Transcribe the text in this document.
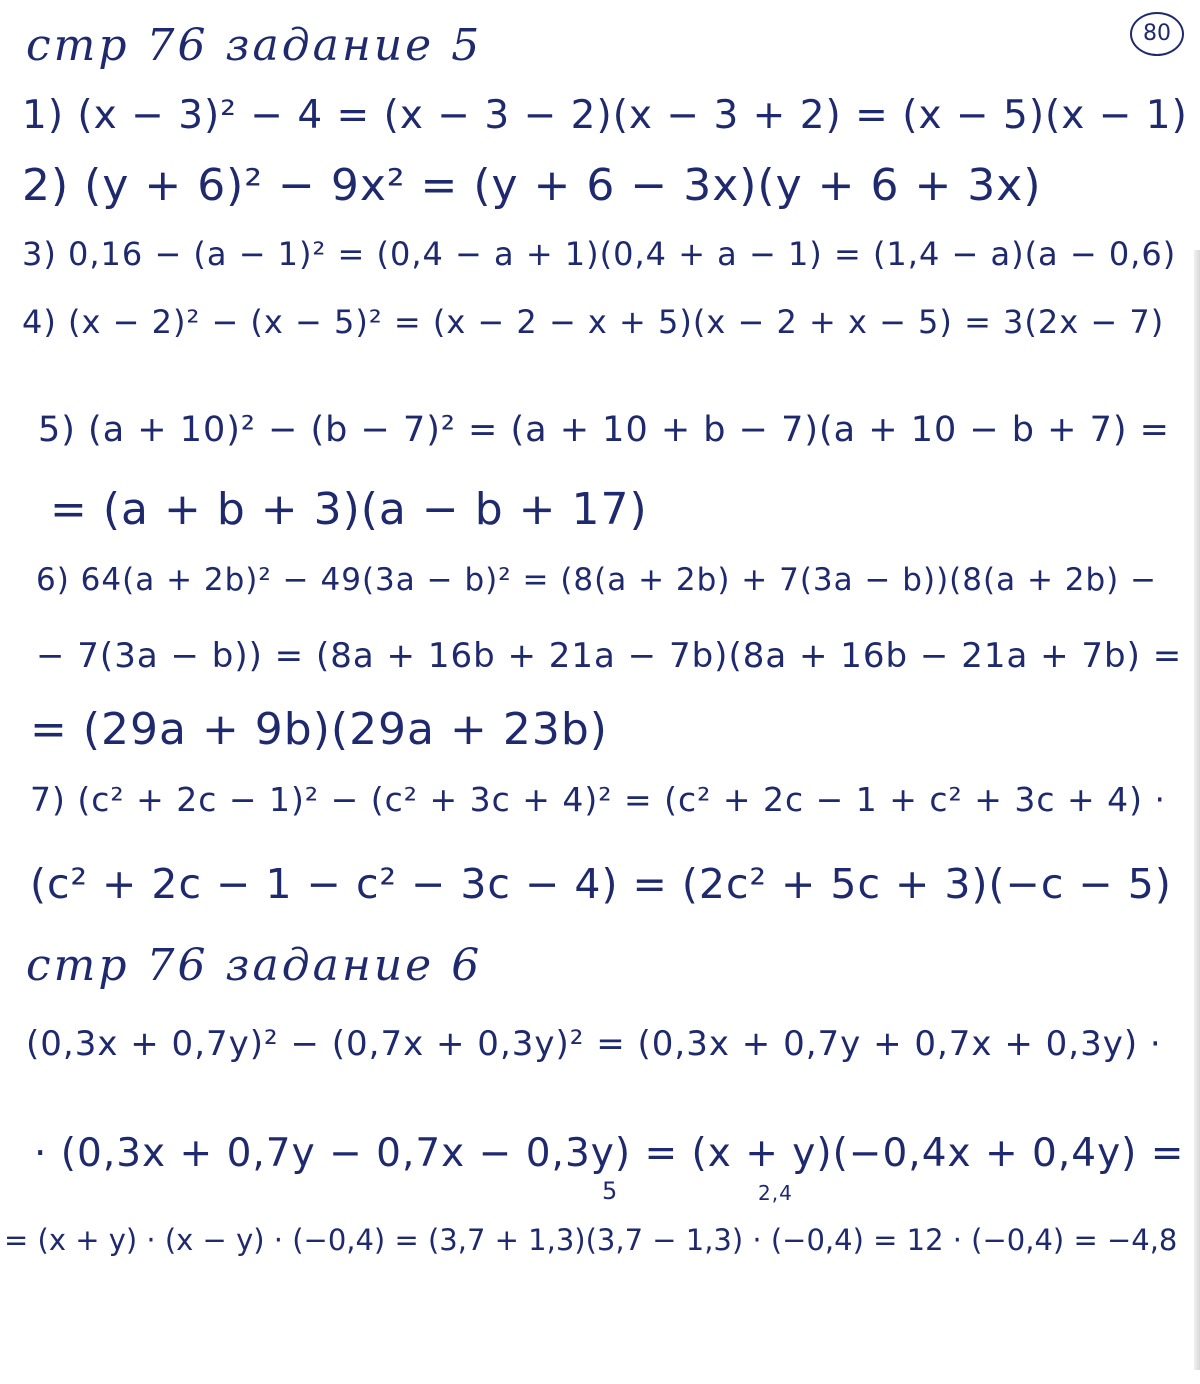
80
стр 76 задание 5
1) (x − 3)² − 4 = (x − 3 − 2)(x − 3 + 2) = (x − 5)(x − 1)
2) (y + 6)² − 9x² = (y + 6 − 3x)(y + 6 + 3x)
3) 0,16 − (a − 1)² = (0,4 − a + 1)(0,4 + a − 1) = (1,4 − a)(a − 0,6)
4) (x − 2)² − (x − 5)² = (x − 2 − x + 5)(x − 2 + x − 5) = 3(2x − 7)
5) (a + 10)² − (b − 7)² = (a + 10 + b − 7)(a + 10 − b + 7) =
= (a + b + 3)(a − b + 17)
6) 64(a + 2b)² − 49(3a − b)² = (8(a + 2b) + 7(3a − b))(8(a + 2b) −
− 7(3a − b)) = (8a + 16b + 21a − 7b)(8a + 16b − 21a + 7b) =
= (29a + 9b)(29a + 23b)
7) (c² + 2c − 1)² − (c² + 3c + 4)² = (c² + 2c − 1 + c² + 3c + 4) ·
(c² + 2c − 1 − c² − 3c − 4) = (2c² + 5c + 3)(−c − 5)
стр 76 задание 6
(0,3x + 0,7y)² − (0,7x + 0,3y)² = (0,3x + 0,7y + 0,7x + 0,3y) ·
· (0,3x + 0,7y − 0,7x − 0,3y) = (x + y)(−0,4x + 0,4y) =
= (x + y) · (x − y) · (−0,4) = (3,7 + 1,3)(3,7 − 1,3) · (−0,4) = 12 · (−0,4) = −4,8
5	2,4
